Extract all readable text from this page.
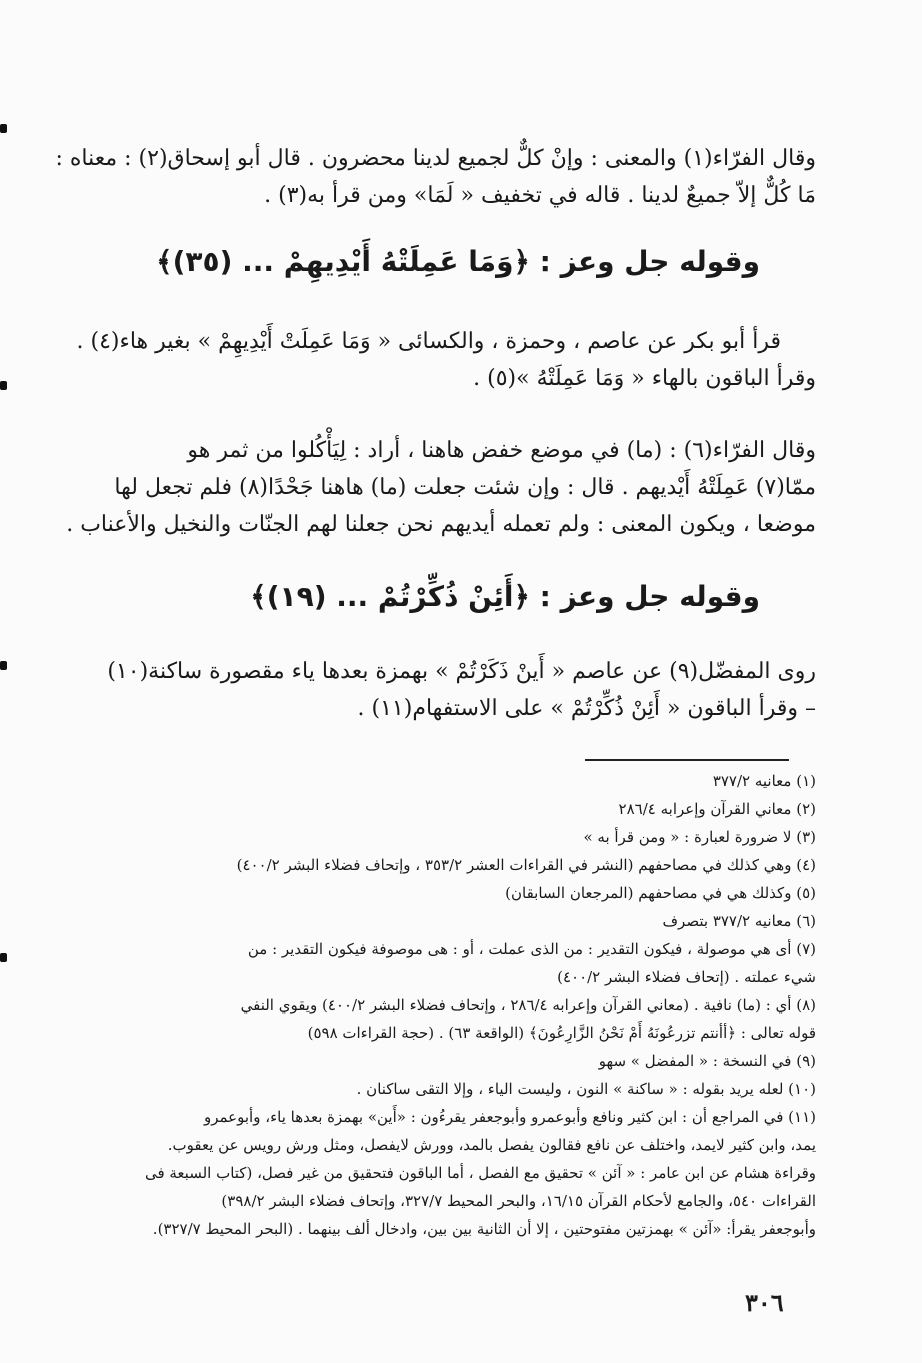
وقال الفرّاء(١) والمعنى : وإنْ كلٌّ لجميع لدينا محضرون . قال أبو إسحاق(٢) : معناه :
مَا كُلٌّ إلاّ جميعٌ لدينا . قاله في تخفيف « لَمَا» ومن قرأ به(٣) .
وقوله جل وعز : ﴿وَمَا عَمِلَتْهُ أَيْدِيهِمْ ... (٣٥)﴾
قرأ أبو بكر عن عاصم ، وحمزة ، والكسائى « وَمَا عَمِلَتْ أَيْدِيهِمْ » بغير هاء(٤) .
وقرأ الباقون بالهاء « وَمَا عَمِلَتْهُ »(٥) .
وقال الفرّاء(٦) : (ما) في موضع خفض هاهنا ، أراد : لِيَأْكُلوا من ثمر هو
ممّا(٧) عَمِلَتْهُ أَيْديهم . قال : وإن شئت جعلت (ما) هاهنا جَحْدًا(٨) فلم تجعل لها
موضعا ، ويكون المعنى : ولم تعمله أيديهم نحن جعلنا لهم الجنّات والنخيل والأعناب .
وقوله جل وعز : ﴿أَئِنْ ذُكِّرْتُمْ ... (١٩)﴾
روى المفضّل(٩) عن عاصم « أَينْ ذَكَرْتُمْ » بهمزة بعدها ياء مقصورة ساكنة(١٠)
– وقرأ الباقون « أَئِنْ ذُكِّرْتُمْ » على الاستفهام(١١) .
(١) معانيه ٣٧٧/٢
(٢) معاني القرآن وإعرابه ٢٨٦/٤
(٣) لا ضرورة لعبارة : « ومن قرأ به »
(٤) وهي كذلك في مصاحفهم (النشر في القراءات العشر ٣٥٣/٢ ، وإتحاف فضلاء البشر ٤٠٠/٢)
(٥) وكذلك هي في مصاحفهم (المرجعان السابقان)
(٦) معانيه ٣٧٧/٢ بتصرف
(٧) أى هي موصولة ، فيكون التقدير : من الذى عملت ، أو : هى موصوفة فيكون التقدير : من
شيء عملته . (إتحاف فضلاء البشر ٤٠٠/٢)
(٨) أي : (ما) نافية . (معاني القرآن وإعرابه ٢٨٦/٤ ، وإتحاف فضلاء البشر ٤٠٠/٢) ويقوي النفي
قوله تعالى : ﴿أأنتم تزرعُونَهُ أَمْ نَحْنُ الزَّارِعُونَ﴾ (الواقعة ٦٣) . (حجة القراءات ٥٩٨)
(٩) في النسخة : « المفضل » سهو
(١٠) لعله يريد بقوله : « ساكنة » النون ، وليست الياء ، وإلا التقى ساكنان .
(١١) في المراجع أن : ابن كثير ونافع وأبوعمرو وأبوجعفر يقرءُون : «أَين» بهمزة بعدها ياء، وأبوعمرو
يمد، وابن كثير لايمد، واختلف عن نافع فقالون يفصل بالمد، وورش لايفصل، ومثل ورش رويس عن يعقوب.
وقراءة هشام عن ابن عامر : « آئن » تحقيق مع الفصل ، أما الباقون فتحقيق من غير فصل، (كتاب السبعة فى
القراءات ٥٤٠، والجامع لأحكام القرآن ١٦/١٥، والبحر المحيط ٣٢٧/٧، وإتحاف فضلاء البشر ٣٩٨/٢)
وأبوجعفر يقرأ: «آئن » بهمزتين مفتوحتين ، إلا أن الثانية بين بين، وادخال ألف بينهما . (البحر المحيط ٣٢٧/٧).
٣٠٦
